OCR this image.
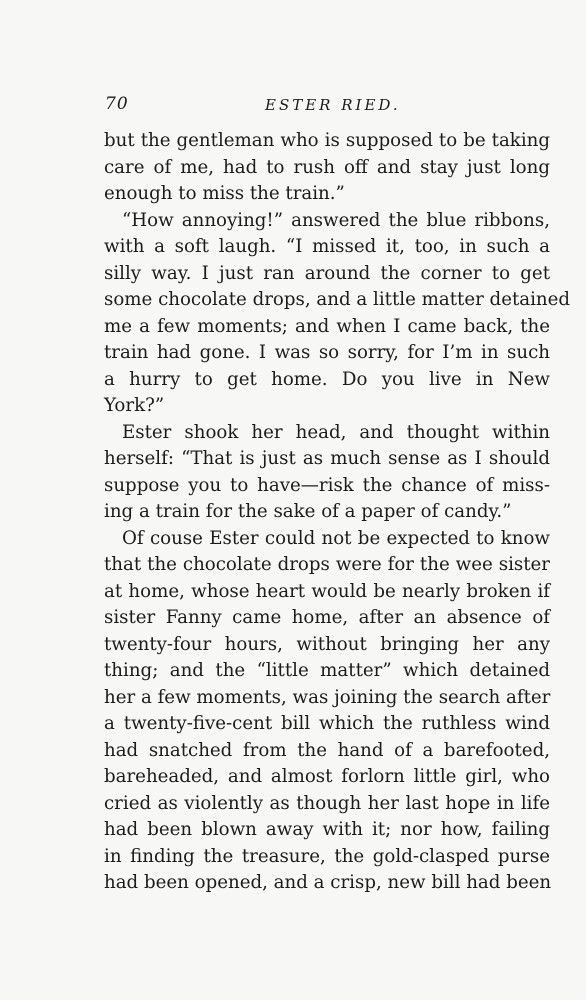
70	ESTER RIED.
but the gentleman who is supposed to be taking
care of me, had to rush off and stay just long
enough to miss the train.”
“How annoying!” answered the blue ribbons,
with a soft laugh. “I missed it, too, in such a
silly way. I just ran around the corner to get
some chocolate drops, and a little matter detained
me a few moments; and when I came back, the
train had gone. I was so sorry, for I’m in such
a hurry to get home. Do you live in New
York?”
Ester shook her head, and thought within
herself: “That is just as much sense as I should
suppose you to have—risk the chance of miss-
ing a train for the sake of a paper of candy.”
Of couse Ester could not be expected to know
that the chocolate drops were for the wee sister
at home, whose heart would be nearly broken if
sister Fanny came home, after an absence of
twenty-four hours, without bringing her any
thing; and the “little matter” which detained
her a few moments, was joining the search after
a twenty-five-cent bill which the ruthless wind
had snatched from the hand of a barefooted,
bareheaded, and almost forlorn little girl, who
cried as violently as though her last hope in life
had been blown away with it; nor how, failing
in finding the treasure, the gold-clasped purse
had been opened, and a crisp, new bill had been
